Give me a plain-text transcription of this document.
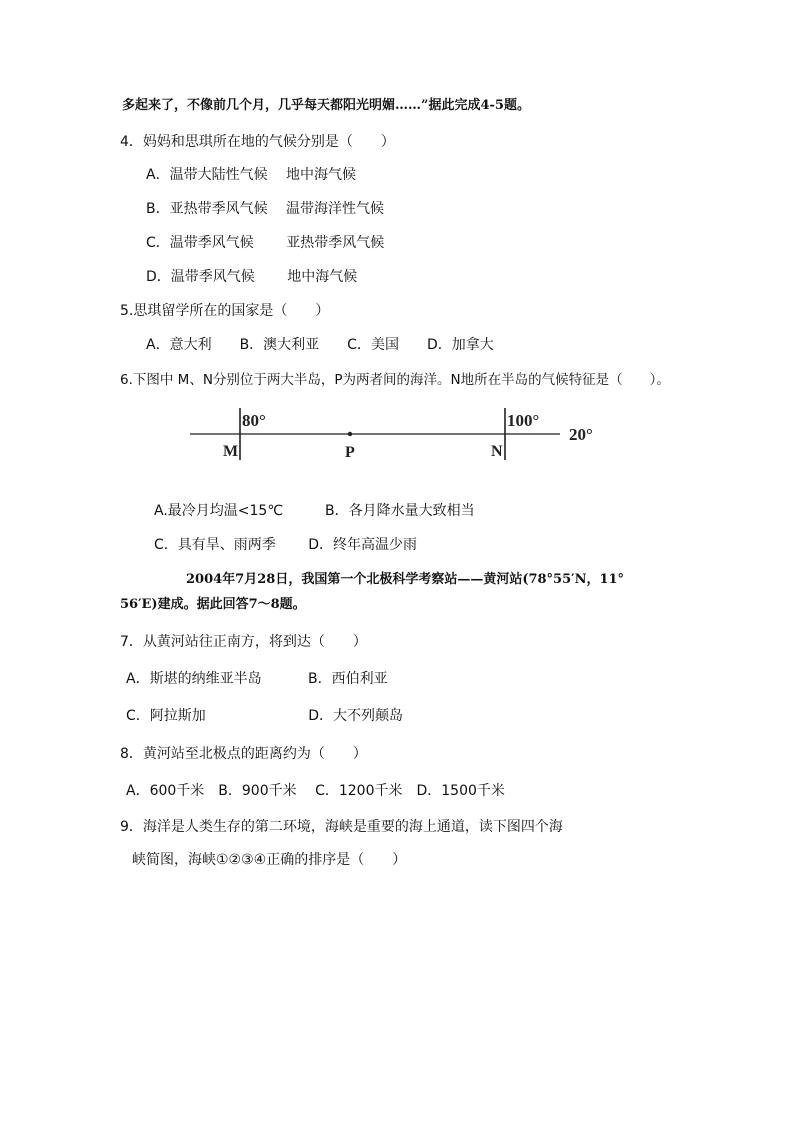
多起来了，不像前几个月，几乎每天都阳光明媚……”据此完成4-5题。
4．妈妈和思琪所在地的气候分别是（　　）
A．温带大陆性气候　 地中海气候
B．亚热带季风气候　 温带海洋性气候
C．温带季风气候　　 亚热带季风气候
D．温带季风气候　　 地中海气候
5.思琪留学所在的国家是（　　）
A．意大利　　B．澳大利亚　　C．美国　　D．加拿大
6.下图中 M、N分别位于两大半岛，P为两者间的海洋。N地所在半岛的气候特征是（　　）。
80°	100°
20°
M	P	N
A.最冷月均温<15℃　　　B．各月降水量大致相当
C．具有旱、雨两季　　 D．终年高温少雨
2004年7月28日，我国第一个北极科学考察站——黄河站(78°55′N，11°
56′E)建成。据此回答7～8题。
7．从黄河站往正南方，将到达（　　）
A．斯堪的纳维亚半岛　　　 B．西伯利亚
C．阿拉斯加　　　　　　　 D．大不列颠岛
8．黄河站至北极点的距离约为（　　）
A．600千米　B．900千米　 C．1200千米　D．1500千米
9．海洋是人类生存的第二环境，海峡是重要的海上通道，读下图四个海
峡简图，海峡①②③④正确的排序是（　　）
